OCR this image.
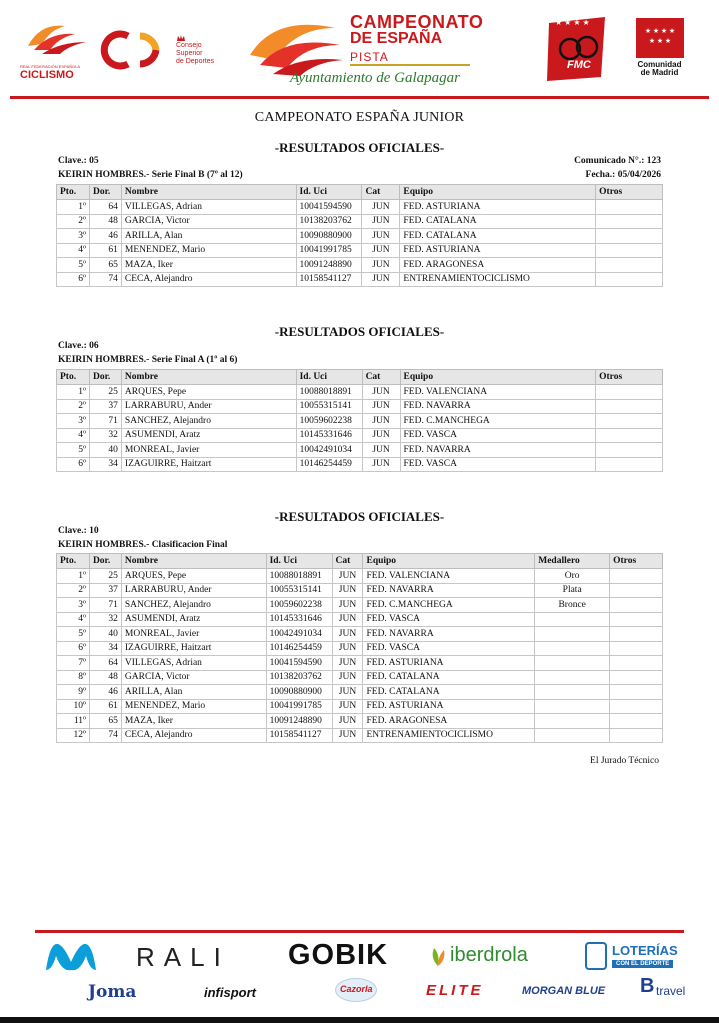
REAL FEDERACIÓN ESPAÑOLA
CICLISMO
Consejo
Superior
de Deportes
CAMPEONATO
DE ESPAÑA
PISTA
Ayuntamiento de Galapagar
★ ★ ★ ★
FMC
★ ★ ★ ★
★ ★ ★
Comunidad
de Madrid
CAMPEONATO ESPAÑA JUNIOR
-RESULTADOS OFICIALES-
Clave.: 05	Comunicado N°.: 123
KEIRIN HOMBRES.- Serie Final B (7º al 12)	Fecha.: 05/04/2026
Pto.	Dor.	Nombre	Id. Uci	Cat	Equipo	Otros
1º	64	VILLEGAS, Adrian	10041594590	JUN	FED. ASTURIANA	
2º	48	GARCIA, Victor	10138203762	JUN	FED. CATALANA	
3º	46	ARILLA, Alan	10090880900	JUN	FED. CATALANA	
4º	61	MENENDEZ, Mario	10041991785	JUN	FED. ASTURIANA	
5º	65	MAZA, Iker	10091248890	JUN	FED. ARAGONESA	
6º	74	CECA, Alejandro	10158541127	JUN	ENTRENAMIENTOCICLISMO	
-RESULTADOS OFICIALES-
Clave.: 06
KEIRIN HOMBRES.- Serie Final A (1º al 6)
Pto.	Dor.	Nombre	Id. Uci	Cat	Equipo	Otros
1º	25	ARQUES, Pepe	10088018891	JUN	FED. VALENCIANA	
2º	37	LARRABURU, Ander	10055315141	JUN	FED. NAVARRA	
3º	71	SANCHEZ, Alejandro	10059602238	JUN	FED. C.MANCHEGA	
4º	32	ASUMENDI, Aratz	10145331646	JUN	FED. VASCA	
5º	40	MONREAL, Javier	10042491034	JUN	FED. NAVARRA	
6º	34	IZAGUIRRE, Haitzart	10146254459	JUN	FED. VASCA	
-RESULTADOS OFICIALES-
Clave.: 10
KEIRIN HOMBRES.- Clasificacion Final
Pto.	Dor.	Nombre	Id. Uci	Cat	Equipo	Medallero	Otros
1º	25	ARQUES, Pepe	10088018891	JUN	FED. VALENCIANA	Oro	
2º	37	LARRABURU, Ander	10055315141	JUN	FED. NAVARRA	Plata	
3º	71	SANCHEZ, Alejandro	10059602238	JUN	FED. C.MANCHEGA	Bronce	
4º	32	ASUMENDI, Aratz	10145331646	JUN	FED. VASCA		
5º	40	MONREAL, Javier	10042491034	JUN	FED. NAVARRA		
6º	34	IZAGUIRRE, Haitzart	10146254459	JUN	FED. VASCA		
7º	64	VILLEGAS, Adrian	10041594590	JUN	FED. ASTURIANA		
8º	48	GARCIA, Victor	10138203762	JUN	FED. CATALANA		
9º	46	ARILLA, Alan	10090880900	JUN	FED. CATALANA		
10º	61	MENENDEZ, Mario	10041991785	JUN	FED. ASTURIANA		
11º	65	MAZA, Iker	10091248890	JUN	FED. ARAGONESA		
12º	74	CECA, Alejandro	10158541127	JUN	ENTRENAMIENTOCICLISMO		
El Jurado Técnico
RALI GOBIK	iberdrola	LOTERÍAS
CON EL DEPORTE
Joma	infisport	Cazorla	ELITE	MORGAN BLUE B travel
